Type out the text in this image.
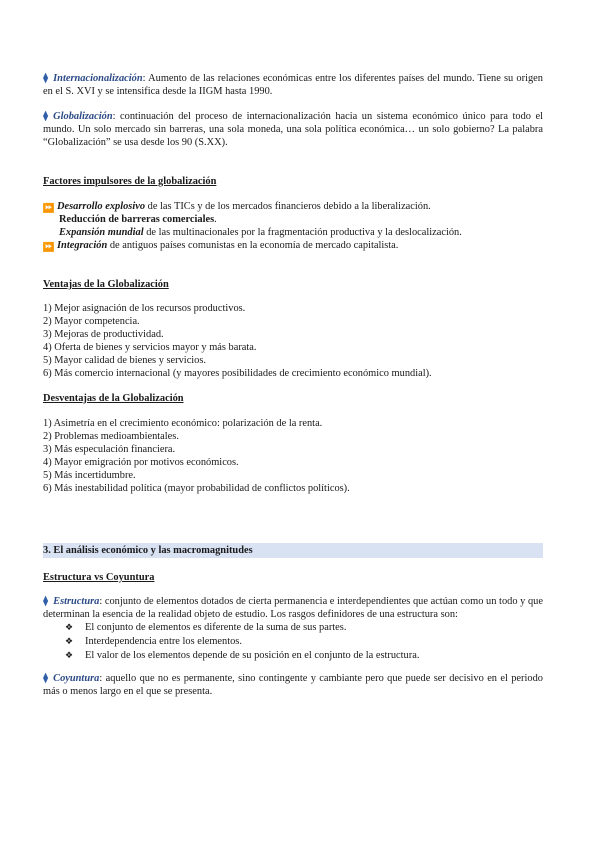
⧫ Internacionalización: Aumento de las relaciones económicas entre los diferentes países del mundo. Tiene su origen en el S. XVI y se intensifica desde la IIGM hasta 1990.
⧫ Globalización: continuación del proceso de internacionalización hacia un sistema económico único para todo el mundo. Un solo mercado sin barreras, una sola moneda, una sola política económica… un solo gobierno? La palabra “Globalización” se usa desde los 90 (S.XX).
Factores impulsores de la globalización
⏩ Desarrollo explosivo de las TICs y de los mercados financieros debido a la liberalización.
Reducción de barreras comerciales.
Expansión mundial de las multinacionales por la fragmentación productiva y la deslocalización.
⏩ Integración de antiguos países comunistas en la economía de mercado capitalista.
Ventajas de la Globalización
1) Mejor asignación de los recursos productivos.
2) Mayor competencia.
3) Mejoras de productividad.
4) Oferta de bienes y servicios mayor y más barata.
5) Mayor calidad de bienes y servicios.
6) Más comercio internacional (y mayores posibilidades de crecimiento económico mundial).
Desventajas de la Globalización
1) Asimetría en el crecimiento económico: polarización de la renta.
2) Problemas medioambientales.
3) Más especulación financiera.
4) Mayor emigración por motivos económicos.
5) Más incertidumbre.
6) Más inestabilidad política (mayor probabilidad de conflictos políticos).
3. El análisis económico y las macromagnitudes
Estructura vs Coyuntura
⧫ Estructura: conjunto de elementos dotados de cierta permanencia e interdependientes que actúan como un todo y que determinan la esencia de la realidad objeto de estudio. Los rasgos definidores de una estructura son:
❖ El conjunto de elementos es diferente de la suma de sus partes.
❖ Interdependencia entre los elementos.
❖ El valor de los elementos depende de su posición en el conjunto de la estructura.
⧫ Coyuntura: aquello que no es permanente, sino contingente y cambiante pero que puede ser decisivo en el periodo más o menos largo en el que se presenta.
